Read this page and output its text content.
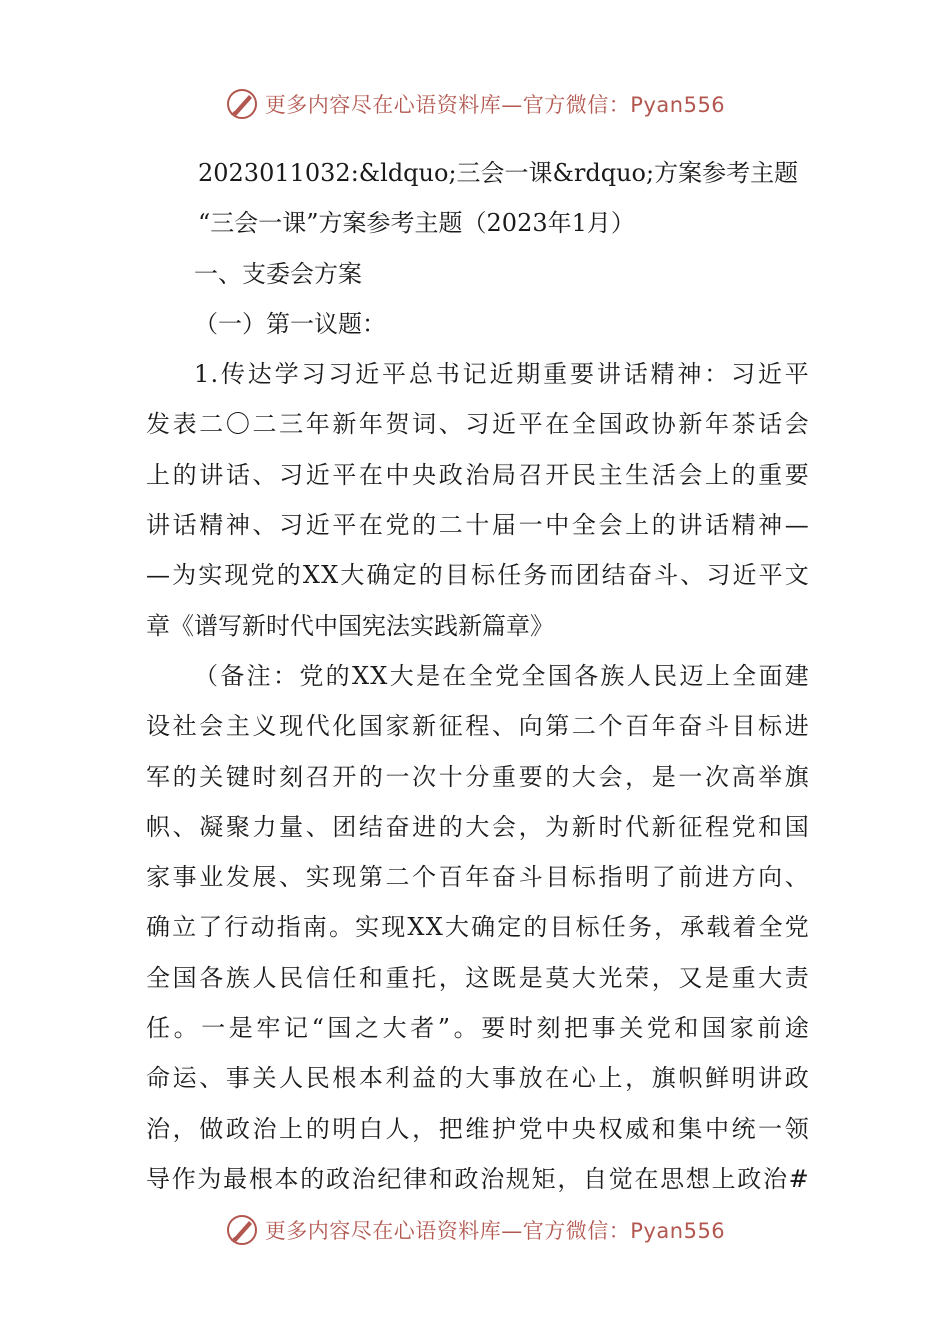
更多内容尽在心语资料库—官方微信：Pyan556
2023011032:&ldquo;三会一课&rdquo;方案参考主题
“三会一课”方案参考主题（2023年1月）
一、支委会方案
（一）第一议题：
1.传达学习习近平总书记近期重要讲话精神：习近平
发表二〇二三年新年贺词、习近平在全国政协新年茶话会
上的讲话、习近平在中央政治局召开民主生活会上的重要
讲话精神、习近平在党的二十届一中全会上的讲话精神—
—为实现党的XX大确定的目标任务而团结奋斗、习近平文
章《谱写新时代中国宪法实践新篇章》
（备注：党的XX大是在全党全国各族人民迈上全面建
设社会主义现代化国家新征程、向第二个百年奋斗目标进
军的关键时刻召开的一次十分重要的大会，是一次高举旗
帜、凝聚力量、团结奋进的大会，为新时代新征程党和国
家事业发展、实现第二个百年奋斗目标指明了前进方向、
确立了行动指南。实现XX大确定的目标任务，承载着全党
全国各族人民信任和重托，这既是莫大光荣，又是重大责
任。一是牢记“国之大者”。要时刻把事关党和国家前途
命运、事关人民根本利益的大事放在心上，旗帜鲜明讲政
治，做政治上的明白人，把维护党中央权威和集中统一领
导作为最根本的政治纪律和政治规矩，自觉在思想上政治#
更多内容尽在心语资料库—官方微信：Pyan556
